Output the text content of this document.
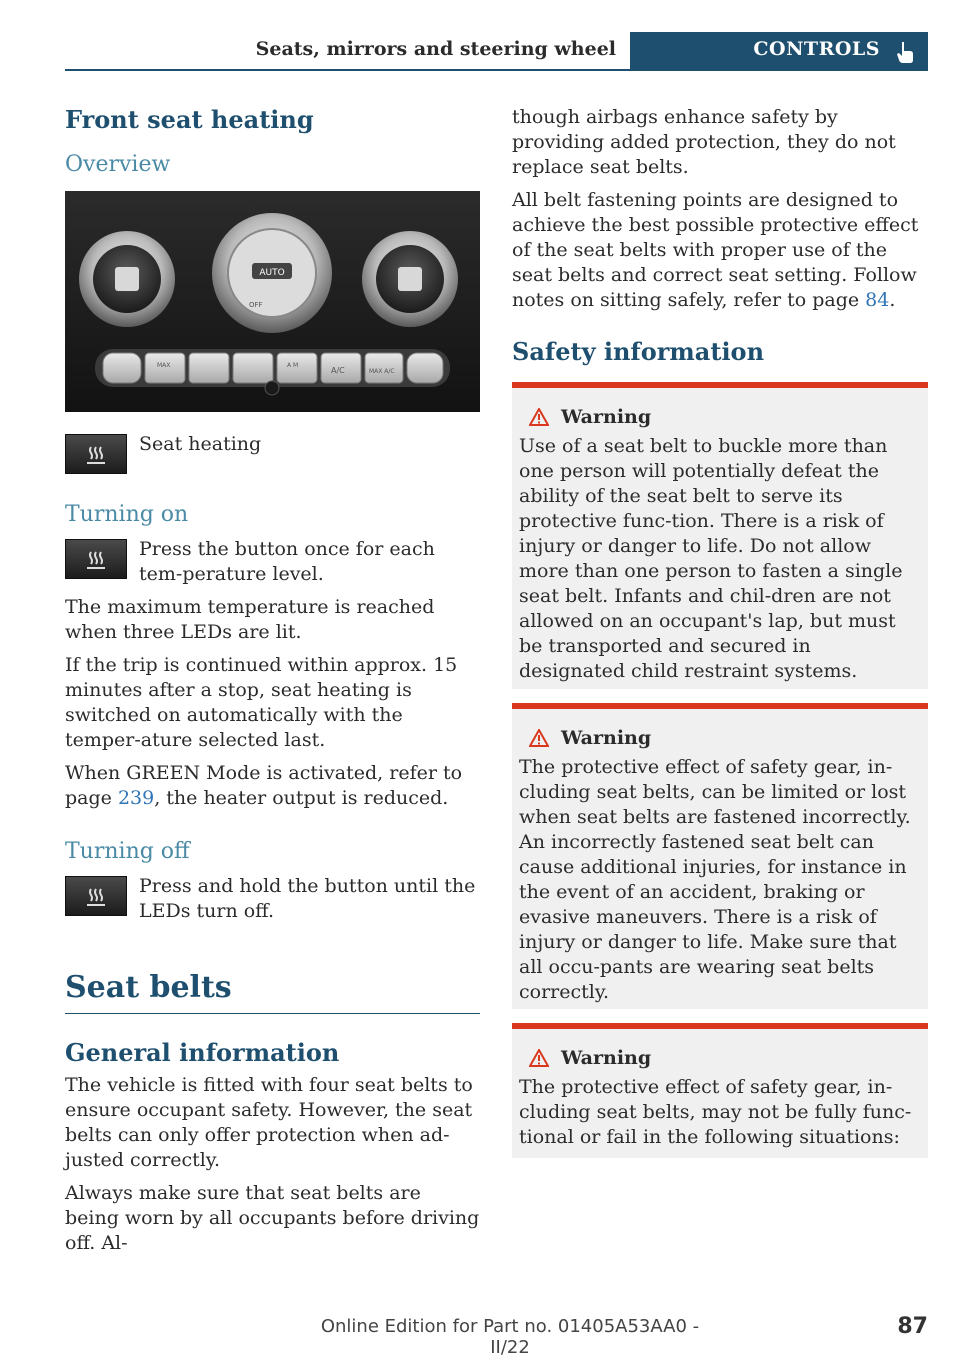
Seats, mirrors and steering wheel	CONTROLS
Front seat heating
Overview
AUTO
OFF
MAX	A M
A/C	MAX A/C

Seat heating

Turning on

Press the button once for each tem-perature level.

The maximum temperature is reached when three LEDs are lit.

If the trip is continued within approx. 15 minutes after a stop, seat heating is switched on automatically with the temper-ature selected last.

When GREEN Mode is activated, refer to page 239, the heater output is reduced.

Turning off

Press and hold the button until the LEDs turn off.

Seat belts
General information

The vehicle is fitted with four seat belts to ensure occupant safety. However, the seat belts can only offer protection when ad-justed correctly.

Always make sure that seat belts are being worn by all occupants before driving off. Al-

though airbags enhance safety by providing added protection, they do not replace seat belts.

All belt fastening points are designed to achieve the best possible protective effect of the seat belts with proper use of the seat belts and correct seat setting. Follow notes on sitting safely, refer to page 84.

Safety information
Warning

Use of a seat belt to buckle more than one person will potentially defeat the ability of the seat belt to serve its protective func-tion. There is a risk of injury or danger to life. Do not allow more than one person to fasten a single seat belt. Infants and chil-dren are not allowed on an occupant's lap, but must be transported and secured in designated child restraint systems.

Warning

The protective effect of safety gear, in-cluding seat belts, can be limited or lost when seat belts are fastened incorrectly. An incorrectly fastened seat belt can cause additional injuries, for instance in the event of an accident, braking or evasive maneuvers. There is a risk of injury or danger to life. Make sure that all occu-pants are wearing seat belts correctly.

Warning

The protective effect of safety gear, in-cluding seat belts, may not be fully func-tional or fail in the following situations:

Online Edition for Part no. 01405A53AA0 - II/22
87
